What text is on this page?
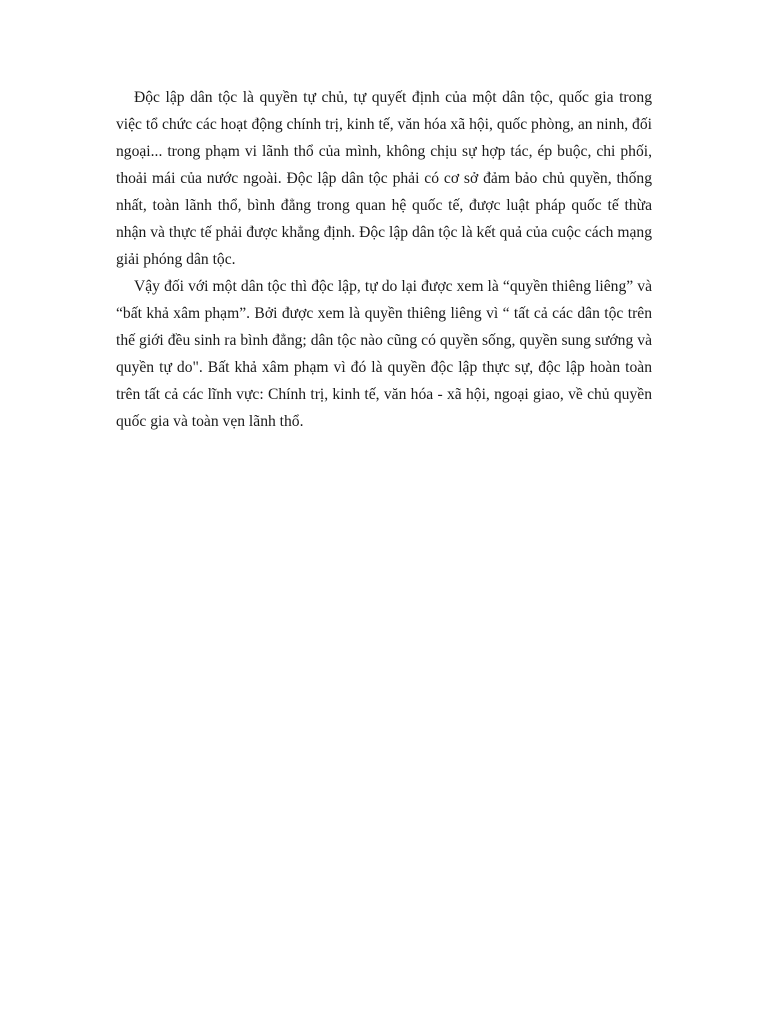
Độc lập dân tộc là quyền tự chủ, tự quyết định của một dân tộc, quốc gia trong việc tổ chức các hoạt động chính trị, kinh tế, văn hóa xã hội, quốc phòng, an ninh, đối ngoại... trong phạm vi lãnh thổ của mình, không chịu sự hợp tác, ép buộc, chi phối, thoải mái của nước ngoài. Độc lập dân tộc phải có cơ sở đảm bảo chủ quyền, thống nhất, toàn lãnh thổ, bình đẳng trong quan hệ quốc tế, được luật pháp quốc tế thừa nhận và thực tế phải được khẳng định. Độc lập dân tộc là kết quả của cuộc cách mạng giải phóng dân tộc.

Vậy đối với một dân tộc thì độc lập, tự do lại được xem là “quyền thiêng liêng” và “bất khả xâm phạm”. Bởi được xem là quyền thiêng liêng vì “ tất cả các dân tộc trên thế giới đều sinh ra bình đẳng; dân tộc nào cũng có quyền sống, quyền sung sướng và quyền tự do". Bất khả xâm phạm vì đó là quyền độc lập thực sự, độc lập hoàn toàn trên tất cả các lĩnh vực: Chính trị, kinh tế, văn hóa - xã hội, ngoại giao, về chủ quyền quốc gia và toàn vẹn lãnh thổ.
